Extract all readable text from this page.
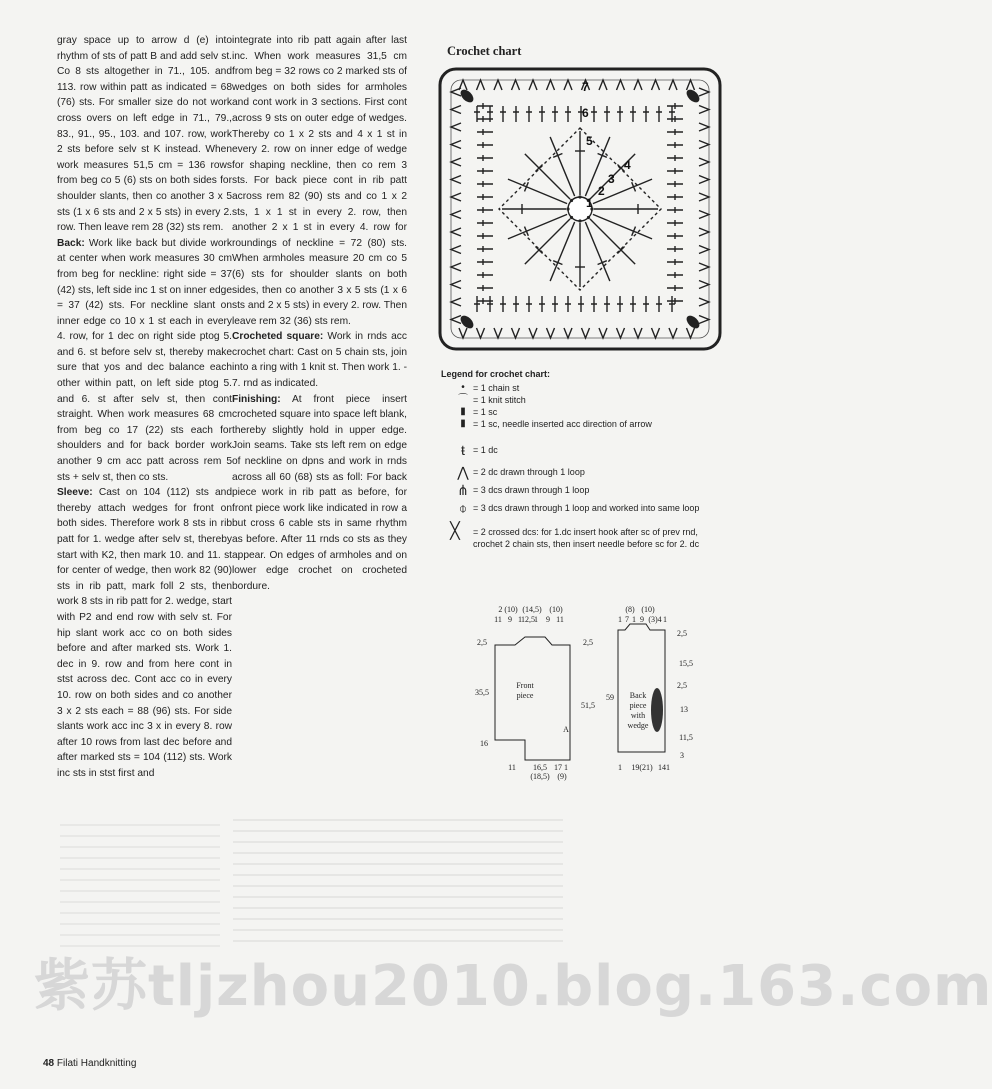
gray space up to arrow d (e) into rhythm of sts of patt B and add selv st. Co 8 sts altogether in 71., 105. and 113. row within patt as indicated = 68 (76) sts. For smaller size do not work cross overs on left edge in 71., 79., 83., 91., 95., 103. and 107. row, work 2 sts before selv st K instead. When work measures 51,5 cm = 136 rows from beg co 5 (6) sts on both sides for shoulder slants, then co another 3 x 5 sts (1 x 6 sts and 2 x 5 sts) in every 2. row. Then leave rem 28 (32) sts rem.

Back: Work like back but divide work at center when work measures 30 cm from beg for neckline: right side = 37 (42) sts, left side inc 1 st on inner edge = 37 (42) sts. For neckline slant on inner edge co 10 x 1 st each in every 4. row, for 1 dec on right side ptog 5. and 6. st before selv st, thereby make sure that yos and dec balance each other within patt, on left side ptog 5. and 6. st after selv st, then cont straight. When work measures 68 cm from beg co 17 (22) sts each for shoulders and for back border work another 9 cm acc patt across rem 5 sts + selv st, then co sts.

Sleeve: Cast on 104 (112) sts and thereby attach wedges for front on both sides. Therefore work 8 sts in rib patt for 1. wedge after selv st, thereby start with K2, then mark 10. and 11. st for center of wedge, then work 82 (90) sts in rib patt, mark foll 2 sts, then work 8 sts in rib patt for 2. wedge, start with P2 and end row with selv st. For hip slant work acc co on both sides before and after marked sts. Work 1. dec in 9. row and from here cont in stst across dec. Cont acc co in every 10. row on both sides and co another 3 x 2 sts each = 88 (96) sts. For side slants work acc inc 3 x in every 8. row after 10 rows from last dec before and after marked sts = 104 (112) sts. Work inc sts in stst first and

integrate into rib patt again after last inc. When work measures 31,5 cm from beg = 32 rows co 2 marked sts of wedges on both sides for armholes and cont work in 3 sections. First cont across 9 sts on outer edge of wedges. Thereby co 1 x 2 sts and 4 x 1 st in every 2. row on inner edge of wedge for shaping neckline, then co rem 3 sts. For back piece cont in rib patt across rem 82 (90) sts and co 1 x 2 sts, 1 x 1 st in every 2. row, then another 2 x 1 st in every 4. row for roundings of neckline = 72 (80) sts. When armholes measure 20 cm co 5 (6) sts for shoulder slants on both sides, then co another 3 x 5 sts (1 x 6 sts and 2 x 5 sts) in every 2. row. Then leave rem 32 (36) sts rem.

Crocheted square: Work in rnds acc crochet chart: Cast on 5 chain sts, join into a ring with 1 knit st. Then work 1. - 7. rnd as indicated.

Finishing: At front piece insert crocheted square into space left blank, thereby slightly hold in upper edge. Join seams. Take sts left rem on edge of neckline on dpns and work in rnds across all 60 (68) sts as foll: For back piece work in rib patt as before, for front piece work like indicated in row a but cross 6 cable sts in same rhythm as before. After 11 rnds co sts as they appear. On edges of armholes and on lower edge crochet on crocheted bordure.

Crochet chart
1
2
3
4
5
6
7
Legend for crochet chart:
• = 1 chain st
⌒ = 1 knit stitch
▮ = 1 sc
▮ = 1 sc, needle inserted acc direction of arrow
ŧ = 1 dc
⋀ = 2 dc drawn through 1 loop
⋔ = 3 dcs drawn through 1 loop
⌽ = 3 dcs drawn through 1 loop and worked into same loop
╳ = 2 crossed dcs: for 1.dc insert hook after sc of prev rnd,
crochet 2 chain sts, then insert needle before sc for 2. dc
2 (10) (14,5) (10)
11 9 1 12,5 1 9 11
2,5	2,5
35,5
51,5
16
11 16,5 17 1
(18,5) (9)
Front
piece
A
(8) (10)
1 7 1 9 (3)4 1
59
2,5
15,5
2,5
13
11,5
3
1 19(21) 14 1
Back
piece
with
wedge
紫苏tljzhou2010.blog.163.com
48 Filati Handknitting
